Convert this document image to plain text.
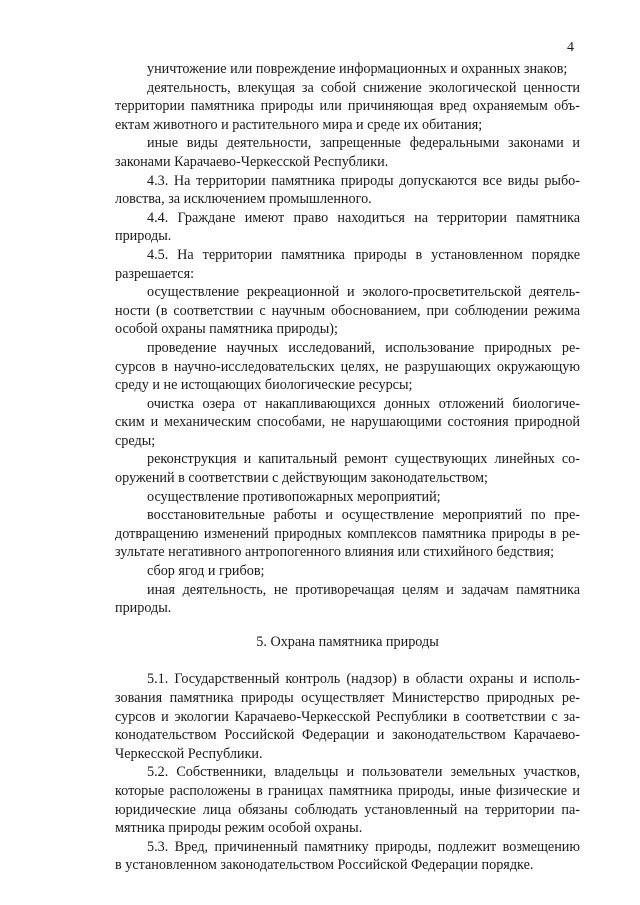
4
уничтожение или повреждение информационных и охранных знаков;
деятельность, влекущая за собой снижение экологической ценности
территории памятника природы или причиняющая вред охраняемым объ-
ектам животного и растительного мира и среде их обитания;
иные виды деятельности, запрещенные федеральными законами и
законами Карачаево-Черкесской Республики.
4.3. На территории памятника природы допускаются все виды рыбо-
ловства, за исключением промышленного.
4.4. Граждане имеют право находиться на территории памятника
природы.
4.5. На территории памятника природы в установленном порядке
разрешается:
осуществление рекреационной и эколого-просветительской деятель-
ности (в соответствии с научным обоснованием, при соблюдении режима
особой охраны памятника природы);
проведение научных исследований, использование природных ре-
сурсов в научно-исследовательских целях, не разрушающих окружающую
среду и не истощающих биологические ресурсы;
очистка озера от накапливающихся донных отложений биологиче-
ским и механическим способами, не нарушающими состояния природной
среды;
реконструкция и капитальный ремонт существующих линейных со-
оружений в соответствии с действующим законодательством;
осуществление противопожарных мероприятий;
восстановительные работы и осуществление мероприятий по пре-
дотвращению изменений природных комплексов памятника природы в ре-
зультате негативного антропогенного влияния или стихийного бедствия;
сбор ягод и грибов;
иная деятельность, не противоречащая целям и задачам памятника
природы.
5. Охрана памятника природы
5.1. Государственный контроль (надзор) в области охраны и исполь-
зования памятника природы осуществляет Министерство природных ре-
сурсов и экологии Карачаево-Черкесской Республики в соответствии с за-
конодательством Российской Федерации и законодательством Карачаево-
Черкесской Республики.
5.2. Собственники, владельцы и пользователи земельных участков,
которые расположены в границах памятника природы, иные физические и
юридические лица обязаны соблюдать установленный на территории па-
мятника природы режим особой охраны.
5.3. Вред, причиненный памятнику природы, подлежит возмещению
в установленном законодательством Российской Федерации порядке.
